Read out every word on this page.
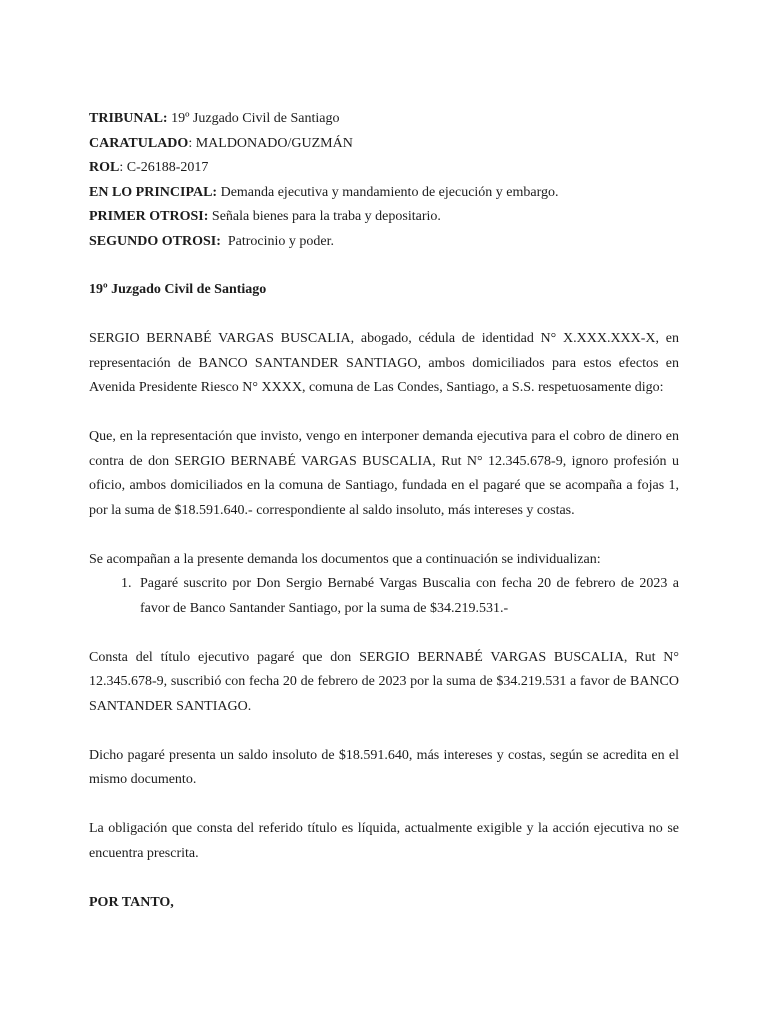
TRIBUNAL: 19º Juzgado Civil de Santiago
CARATULADO: MALDONADO/GUZMÁN
ROL: C-26188-2017
EN LO PRINCIPAL: Demanda ejecutiva y mandamiento de ejecución y embargo.
PRIMER OTROSI: Señala bienes para la traba y depositario.
SEGUNDO OTROSI:  Patrocinio y poder.
19º Juzgado Civil de Santiago

SERGIO BERNABÉ VARGAS BUSCALIA, abogado, cédula de identidad N° X.XXX.XXX-X, en representación de BANCO SANTANDER SANTIAGO, ambos domiciliados para estos efectos en Avenida Presidente Riesco N° XXXX, comuna de Las Condes, Santiago, a S.S. respetuosamente digo:

Que, en la representación que invisto, vengo en interponer demanda ejecutiva para el cobro de dinero en contra de don SERGIO BERNABÉ VARGAS BUSCALIA, Rut N° 12.345.678-9, ignoro profesión u oficio, ambos domiciliados en la comuna de Santiago, fundada en el pagaré que se acompaña a fojas 1, por la suma de $18.591.640.- correspondiente al saldo insoluto, más intereses y costas.

Se acompañan a la presente demanda los documentos que a continuación se individualizan:

1. Pagaré suscrito por Don Sergio Bernabé Vargas Buscalia con fecha 20 de febrero de 2023 a favor de Banco Santander Santiago, por la suma de $34.219.531.-

Consta del título ejecutivo pagaré que don SERGIO BERNABÉ VARGAS BUSCALIA, Rut N° 12.345.678-9, suscribió con fecha 20 de febrero de 2023 por la suma de $34.219.531 a favor de BANCO SANTANDER SANTIAGO.

Dicho pagaré presenta un saldo insoluto de $18.591.640, más intereses y costas, según se acredita en el mismo documento.

La obligación que consta del referido título es líquida, actualmente exigible y la acción ejecutiva no se encuentra prescrita.

POR TANTO,
